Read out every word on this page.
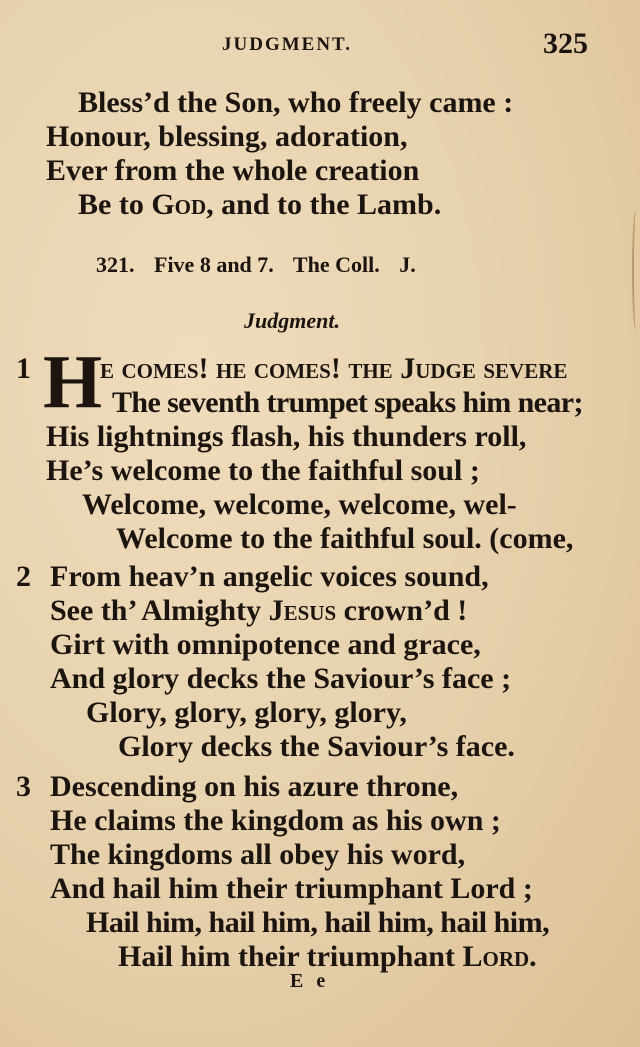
JUDGMENT.	325
Bless’d the Son, who freely came :
Honour, blessing, adoration,
Ever from the whole creation
Be to God, and to the Lamb.
321. Five 8 and 7. The Coll. J.
Judgment.
1 H
e comes! he comes! the Judge severe
The seventh trumpet speaks him near;
His lightnings flash, his thunders roll,
He’s welcome to the faithful soul ;
Welcome, welcome, welcome, wel-
Welcome to the faithful soul. (come,
2 From heav’n angelic voices sound,
See th’ Almighty Jesus crown’d !
Girt with omnipotence and grace,
And glory decks the Saviour’s face ;
Glory, glory, glory, glory,
Glory decks the Saviour’s face.
3 Descending on his azure throne,
He claims the kingdom as his own ;
The kingdoms all obey his word,
And hail him their triumphant Lord ;
Hail him, hail him, hail him, hail him,
Hail him their triumphant Lord.
E e
